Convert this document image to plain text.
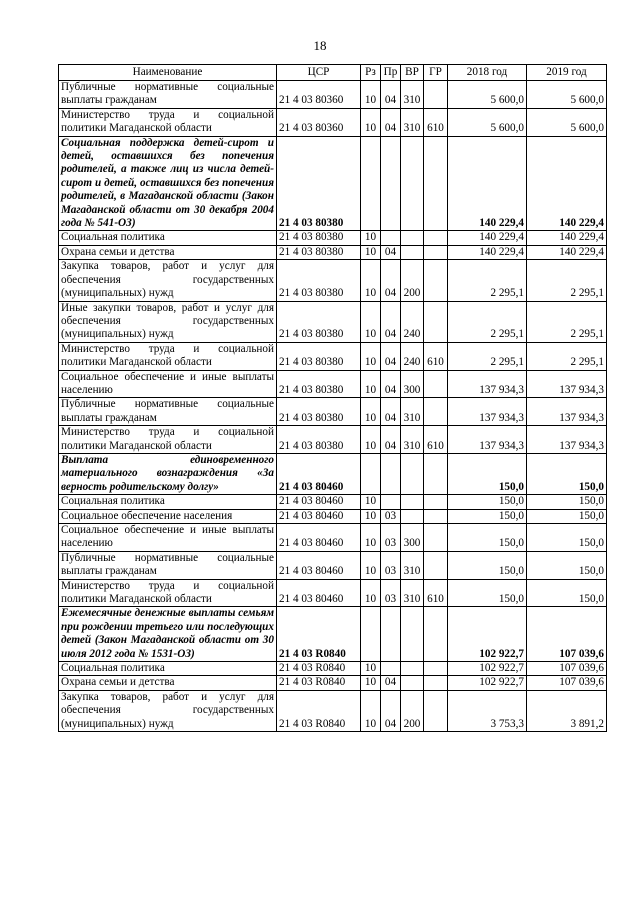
18
Наименование	ЦСР	Рз	Пр	ВР	ГР	2018 год	2019 год
Публичные нормативные социальные выплаты гражданам	21 4 03 80360	10	04	310		5 600,0	5 600,0
Министерство труда и социальной политики Магаданской области	21 4 03 80360	10	04	310	610	5 600,0	5 600,0
Социальная поддержка детей-сирот и детей, оставшихся без попечения родителей, а также лиц из числа детей-сирот и детей, оставшихся без попечения родителей, в Магаданской области (Закон Магаданской области от 30 декабря 2004 года № 541-ОЗ)	21 4 03 80380					140 229,4	140 229,4
Социальная политика	21 4 03 80380	10				140 229,4	140 229,4
Охрана семьи и детства	21 4 03 80380	10	04			140 229,4	140 229,4
Закупка товаров, работ и услуг для обеспечения государственных (муниципальных) нужд	21 4 03 80380	10	04	200		2 295,1	2 295,1
Иные закупки товаров, работ и услуг для обеспечения государственных (муниципальных) нужд	21 4 03 80380	10	04	240		2 295,1	2 295,1
Министерство труда и социальной политики Магаданской области	21 4 03 80380	10	04	240	610	2 295,1	2 295,1
Социальное обеспечение и иные выплаты населению	21 4 03 80380	10	04	300		137 934,3	137 934,3
Публичные нормативные социальные выплаты гражданам	21 4 03 80380	10	04	310		137 934,3	137 934,3
Министерство труда и социальной политики Магаданской области	21 4 03 80380	10	04	310	610	137 934,3	137 934,3
Выплата единовременного материального вознаграждения «За верность родительскому долгу»	21 4 03 80460					150,0	150,0
Социальная политика	21 4 03 80460	10				150,0	150,0
Социальное обеспечение населения	21 4 03 80460	10	03			150,0	150,0
Социальное обеспечение и иные выплаты населению	21 4 03 80460	10	03	300		150,0	150,0
Публичные нормативные социальные выплаты гражданам	21 4 03 80460	10	03	310		150,0	150,0
Министерство труда и социальной политики Магаданской области	21 4 03 80460	10	03	310	610	150,0	150,0
Ежемесячные денежные выплаты семьям при рождении третьего или последующих детей (Закон Магаданской области от 30 июля 2012 года № 1531-ОЗ)	21 4 03 R0840					102 922,7	107 039,6
Социальная политика	21 4 03 R0840	10				102 922,7	107 039,6
Охрана семьи и детства	21 4 03 R0840	10	04			102 922,7	107 039,6
Закупка товаров, работ и услуг для обеспечения государственных (муниципальных) нужд	21 4 03 R0840	10	04	200		3 753,3	3 891,2
